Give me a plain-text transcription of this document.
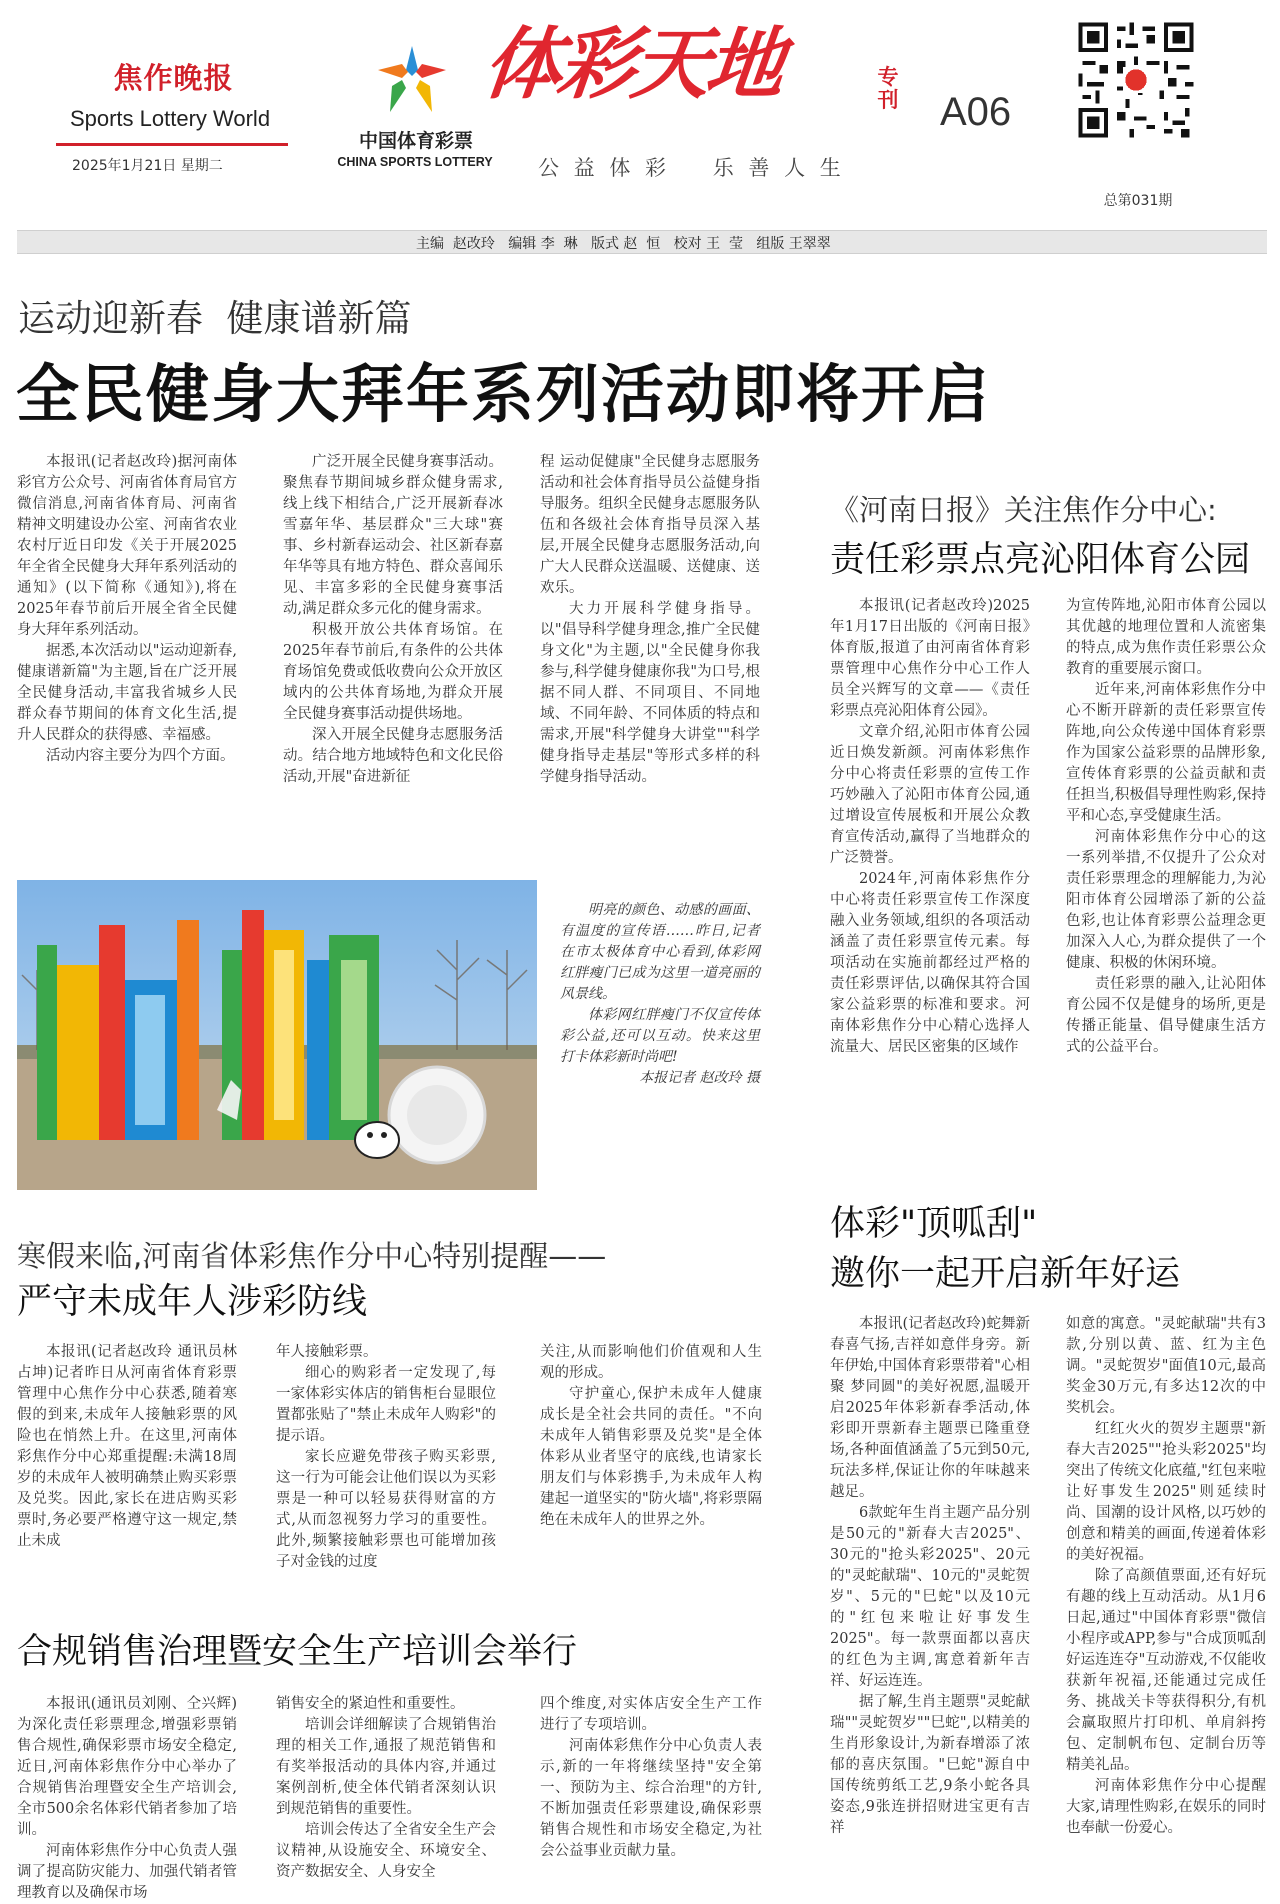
焦作晚报
Sports Lottery World
2025年1月21日 星期二
中国体育彩票
CHINA SPORTS LOTTERY
体彩天地	专刊
公 益 体 彩    乐 善 人 生
A06
总第031期
主编  赵改玲   编辑 李  琳   版式 赵  恒   校对 王  莹   组版 王翠翠
运动迎新春  健康谱新篇
全民健身大拜年系列活动即将开启

本报讯(记者赵改玲)据河南体彩官方公众号、河南省体育局官方微信消息,河南省体育局、河南省精神文明建设办公室、河南省农业农村厅近日印发《关于开展2025年全省全民健身大拜年系列活动的通知》(以下简称《通知》),将在2025年春节前后开展全省全民健身大拜年系列活动。

据悉,本次活动以"运动迎新春,健康谱新篇"为主题,旨在广泛开展全民健身活动,丰富我省城乡人民群众春节期间的体育文化生活,提升人民群众的获得感、幸福感。

活动内容主要分为四个方面。

广泛开展全民健身赛事活动。聚焦春节期间城乡群众健身需求,线上线下相结合,广泛开展新春冰雪嘉年华、基层群众"三大球"赛事、乡村新春运动会、社区新春嘉年华等具有地方特色、群众喜闻乐见、丰富多彩的全民健身赛事活动,满足群众多元化的健身需求。

积极开放公共体育场馆。在2025年春节前后,有条件的公共体育场馆免费或低收费向公众开放区域内的公共体育场地,为群众开展全民健身赛事活动提供场地。

深入开展全民健身志愿服务活动。结合地方地域特色和文化民俗活动,开展"奋进新征

程 运动促健康"全民健身志愿服务活动和社会体育指导员公益健身指导服务。组织全民健身志愿服务队伍和各级社会体育指导员深入基层,开展全民健身志愿服务活动,向广大人民群众送温暖、送健康、送欢乐。

大力开展科学健身指导。以"倡导科学健身理念,推广全民健身文化"为主题,以"全民健身你我参与,科学健身健康你我"为口号,根据不同人群、不同项目、不同地域、不同年龄、不同体质的特点和需求,开展"科学健身大讲堂""科学健身指导走基层"等形式多样的科学健身指导活动。

明亮的颜色、动感的画面、有温度的宣传语……昨日,记者在市太极体育中心看到,体彩网红胖瘦门已成为这里一道亮丽的风景线。

体彩网红胖瘦门不仅宣传体彩公益,还可以互动。快来这里打卡体彩新时尚吧!

本报记者 赵改玲 摄

《河南日报》关注焦作分中心:
责任彩票点亮沁阳体育公园

本报讯(记者赵改玲)2025年1月17日出版的《河南日报》体育版,报道了由河南省体育彩票管理中心焦作分中心工作人员全兴辉写的文章——《责任彩票点亮沁阳体育公园》。

文章介绍,沁阳市体育公园近日焕发新颜。河南体彩焦作分中心将责任彩票的宣传工作巧妙融入了沁阳市体育公园,通过增设宣传展板和开展公众教育宣传活动,赢得了当地群众的广泛赞誉。

2024年,河南体彩焦作分中心将责任彩票宣传工作深度融入业务领域,组织的各项活动涵盖了责任彩票宣传元素。每项活动在实施前都经过严格的责任彩票评估,以确保其符合国家公益彩票的标准和要求。河南体彩焦作分中心精心选择人流量大、居民区密集的区域作

为宣传阵地,沁阳市体育公园以其优越的地理位置和人流密集的特点,成为焦作责任彩票公众教育的重要展示窗口。

近年来,河南体彩焦作分中心不断开辟新的责任彩票宣传阵地,向公众传递中国体育彩票作为国家公益彩票的品牌形象,宣传体育彩票的公益贡献和责任担当,积极倡导理性购彩,保持平和心态,享受健康生活。

河南体彩焦作分中心的这一系列举措,不仅提升了公众对责任彩票理念的理解能力,为沁阳市体育公园增添了新的公益色彩,也让体育彩票公益理念更加深入人心,为群众提供了一个健康、积极的休闲环境。

责任彩票的融入,让沁阳体育公园不仅是健身的场所,更是传播正能量、倡导健康生活方式的公益平台。

寒假来临,河南省体彩焦作分中心特别提醒——
严守未成年人涉彩防线

本报讯(记者赵改玲 通讯员林占坤)记者昨日从河南省体育彩票管理中心焦作分中心获悉,随着寒假的到来,未成年人接触彩票的风险也在悄然上升。在这里,河南体彩焦作分中心郑重提醒:未满18周岁的未成年人被明确禁止购买彩票及兑奖。因此,家长在进店购买彩票时,务必要严格遵守这一规定,禁止未成

年人接触彩票。

细心的购彩者一定发现了,每一家体彩实体店的销售柜台显眼位置都张贴了"禁止未成年人购彩"的提示语。

家长应避免带孩子购买彩票,这一行为可能会让他们误以为买彩票是一种可以轻易获得财富的方式,从而忽视努力学习的重要性。此外,频繁接触彩票也可能增加孩子对金钱的过度

关注,从而影响他们价值观和人生观的形成。

守护童心,保护未成年人健康成长是全社会共同的责任。"不向未成年人销售彩票及兑奖"是全体体彩从业者坚守的底线,也请家长朋友们与体彩携手,为未成年人构建起一道坚实的"防火墙",将彩票隔绝在未成年人的世界之外。

合规销售治理暨安全生产培训会举行

本报讯(通讯员刘刚、仝兴辉)为深化责任彩票理念,增强彩票销售合规性,确保彩票市场安全稳定,近日,河南体彩焦作分中心举办了合规销售治理暨安全生产培训会,全市500余名体彩代销者参加了培训。

河南体彩焦作分中心负责人强调了提高防灾能力、加强代销者管理教育以及确保市场

销售安全的紧迫性和重要性。

培训会详细解读了合规销售治理的相关工作,通报了规范销售和有奖举报活动的具体内容,并通过案例剖析,使全体代销者深刻认识到规范销售的重要性。

培训会传达了全省安全生产会议精神,从设施安全、环境安全、资产数据安全、人身安全

四个维度,对实体店安全生产工作进行了专项培训。

河南体彩焦作分中心负责人表示,新的一年将继续坚持"安全第一、预防为主、综合治理"的方针,不断加强责任彩票建设,确保彩票销售合规性和市场安全稳定,为社会公益事业贡献力量。

体彩"顶呱刮"
邀你一起开启新年好运

本报讯(记者赵改玲)蛇舞新春喜气扬,吉祥如意伴身旁。新年伊始,中国体育彩票带着"心相聚 梦同圆"的美好祝愿,温暖开启2025年体彩新春季活动,体彩即开票新春主题票已隆重登场,各种面值涵盖了5元到50元,玩法多样,保证让你的年味越来越足。

6款蛇年生肖主题产品分别是50元的"新春大吉2025"、30元的"抢头彩2025"、20元的"灵蛇献瑞"、10元的"灵蛇贺岁"、5元的"巳蛇"以及10元的"红包来啦让好事发生2025"。每一款票面都以喜庆的红色为主调,寓意着新年吉祥、好运连连。

据了解,生肖主题票"灵蛇献瑞""灵蛇贺岁""巳蛇",以精美的生肖形象设计,为新春增添了浓郁的喜庆氛围。"巳蛇"源自中国传统剪纸工艺,9条小蛇各具姿态,9张连拼招财进宝更有吉祥

如意的寓意。"灵蛇献瑞"共有3款,分别以黄、蓝、红为主色调。"灵蛇贺岁"面值10元,最高奖金30万元,有多达12次的中奖机会。

红红火火的贺岁主题票"新春大吉2025""抢头彩2025"均突出了传统文化底蕴,"红包来啦 让好事发生2025"则延续时尚、国潮的设计风格,以巧妙的创意和精美的画面,传递着体彩的美好祝福。

除了高颜值票面,还有好玩有趣的线上互动活动。从1月6日起,通过"中国体育彩票"微信小程序或APP,参与"合成顶呱刮 好运连连夺"互动游戏,不仅能收获新年祝福,还能通过完成任务、挑战关卡等获得积分,有机会赢取照片打印机、单肩斜挎包、定制帆布包、定制台历等精美礼品。

河南体彩焦作分中心提醒大家,请理性购彩,在娱乐的同时也奉献一份爱心。
